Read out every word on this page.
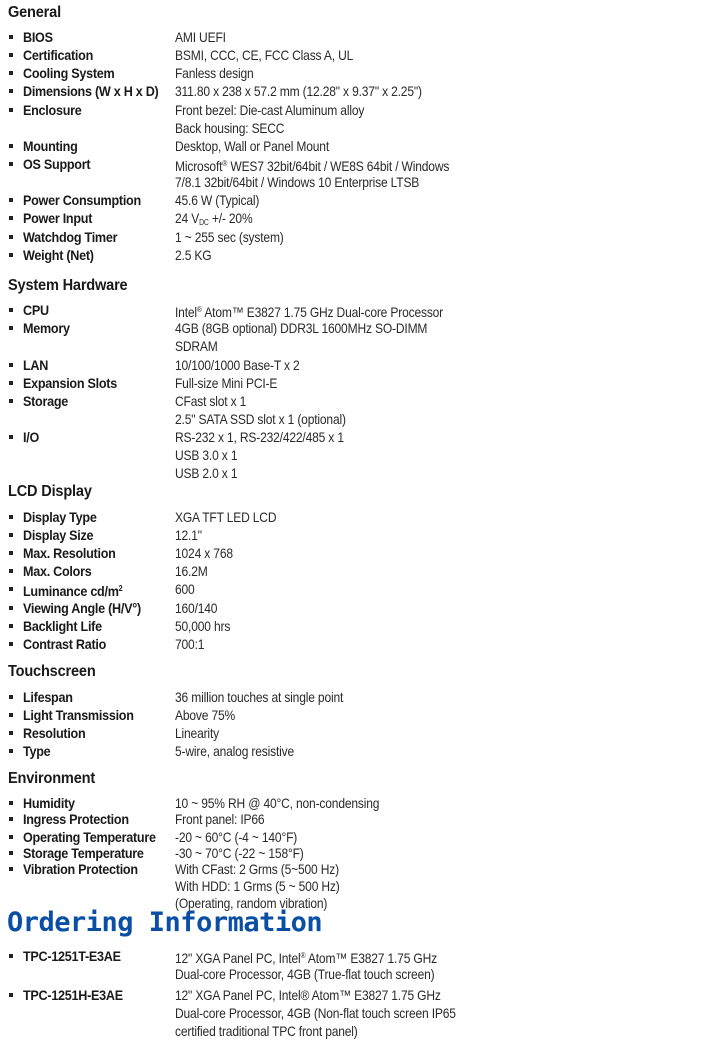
General
BIOS	AMI UEFI
Certification	BSMI, CCC, CE, FCC Class A, UL
Cooling System	Fanless design
Dimensions (W x H x D) 311.80 x 238 x 57.2 mm (12.28" x 9.37" x 2.25")
Enclosure	Front bezel: Die-cast Aluminum alloy
Back housing: SECC
Mounting	Desktop, Wall or Panel Mount
OS Support	Microsoft® WES7 32bit/64bit / WE8S 64bit / Windows
7/8.1 32bit/64bit / Windows 10 Enterprise LTSB
Power Consumption 45.6 W (Typical)
Power Input	24 $V_{DC}$ +/- 20%
Watchdog Timer	1 ~ 255 sec (system)
Weight (Net)	2.5 KG
System Hardware
CPU	Intel® Atom™ E3827 1.75 GHz Dual-core Processor
Memory	4GB (8GB optional) DDR3L 1600MHz SO-DIMM
SDRAM
LAN	10/100/1000 Base-T x 2
Expansion Slots	Full-size Mini PCI-E
Storage	CFast slot x 1
2.5" SATA SSD slot x 1 (optional)
I/O	RS-232 x 1, RS-232/422/485 x 1
USB 3.0 x 1
USB 2.0 x 1
LCD Display
Display Type	XGA TFT LED LCD
Display Size	12.1"
Max. Resolution	1024 x 768
Max. Colors	16.2M
Luminance $cd/m^2$	600
Viewing Angle (H/V°) 160/140
Backlight Life	50,000 hrs
Contrast Ratio	700:1
Touchscreen
Lifespan	36 million touches at single point
Light Transmission	Above 75%
Resolution	Linearity
Type	5-wire, analog resistive
Environment
Humidity	10 ~ 95% RH @ 40°C, non-condensing
Ingress Protection	Front panel: IP66
Operating Temperature -20 ~ 60°C (-4 ~ 140°F)
Storage Temperature -30 ~ 70°C (-22 ~ 158°F)
Vibration Protection	With CFast: 2 Grms (5~500 Hz)
With HDD: 1 Grms (5 ~ 500 Hz)
(Operating, random vibration)
Ordering Information
TPC-1251T-E3AE	12" XGA Panel PC, Intel® Atom™ E3827 1.75 GHz
Dual-core Processor, 4GB (True-flat touch screen)
TPC-1251H-E3AE	12" XGA Panel PC, Intel® Atom™ E3827 1.75 GHz
Dual-core Processor, 4GB (Non-flat touch screen IP65
certified traditional TPC front panel)
